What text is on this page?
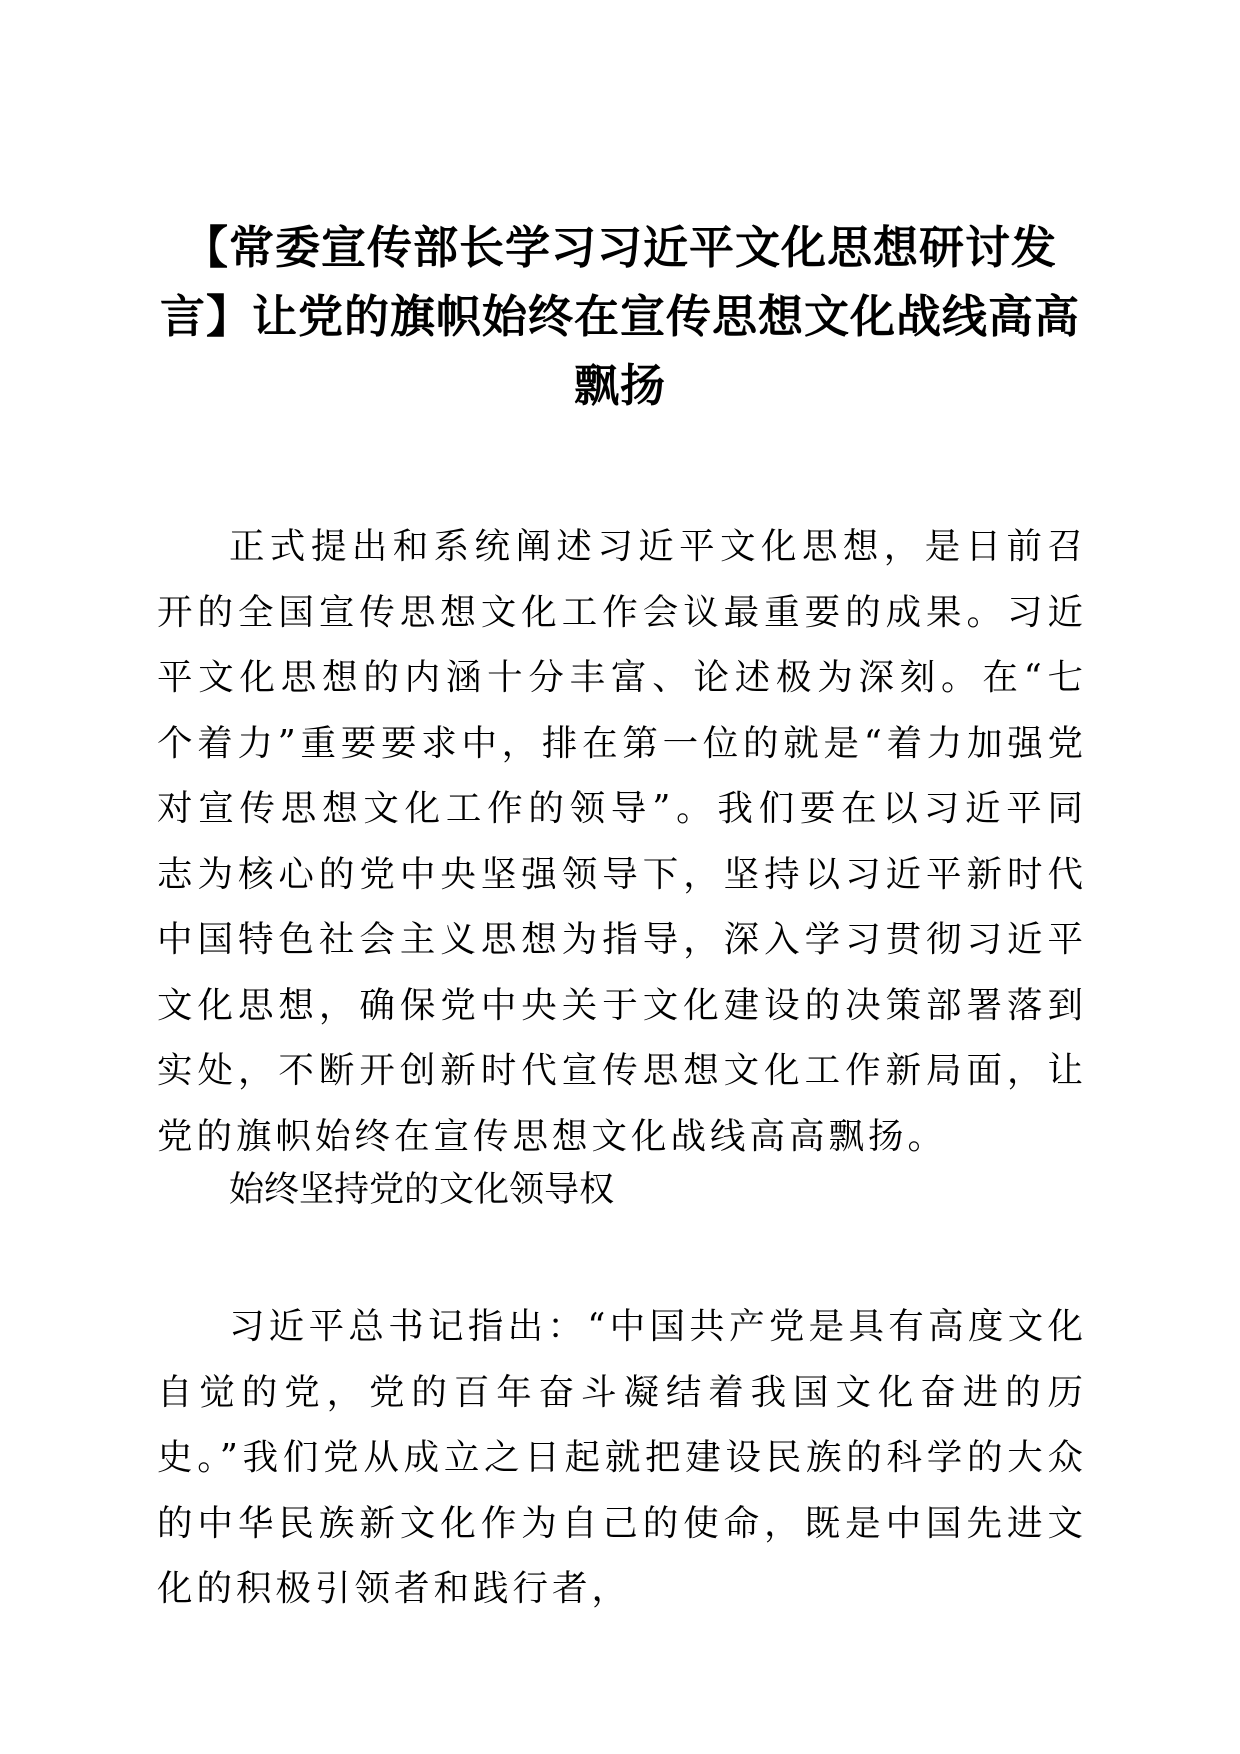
【常委宣传部长学习习近平文化思想研讨发
言】让党的旗帜始终在宣传思想文化战线高高
飘扬

正式提出和系统阐述习近平文化思想，是日前召开的全国宣传思想文化工作会议最重要的成果。习近平文化思想的内涵十分丰富、论述极为深刻。在“七个着力”重要要求中，排在第一位的就是“着力加强党对宣传思想文化工作的领导”。我们要在以习近平同志为核心的党中央坚强领导下，坚持以习近平新时代中国特色社会主义思想为指导，深入学习贯彻习近平文化思想，确保党中央关于文化建设的决策部署落到实处，不断开创新时代宣传思想文化工作新局面，让党的旗帜始终在宣传思想文化战线高高飘扬。

始终坚持党的文化领导权

习近平总书记指出：“中国共产党是具有高度文化自觉的党，党的百年奋斗凝结着我国文化奋进的历史。”我们党从成立之日起就把建设民族的科学的大众的中华民族新文化作为自己的使命，既是中国先进文化的积极引领者和践行者，
